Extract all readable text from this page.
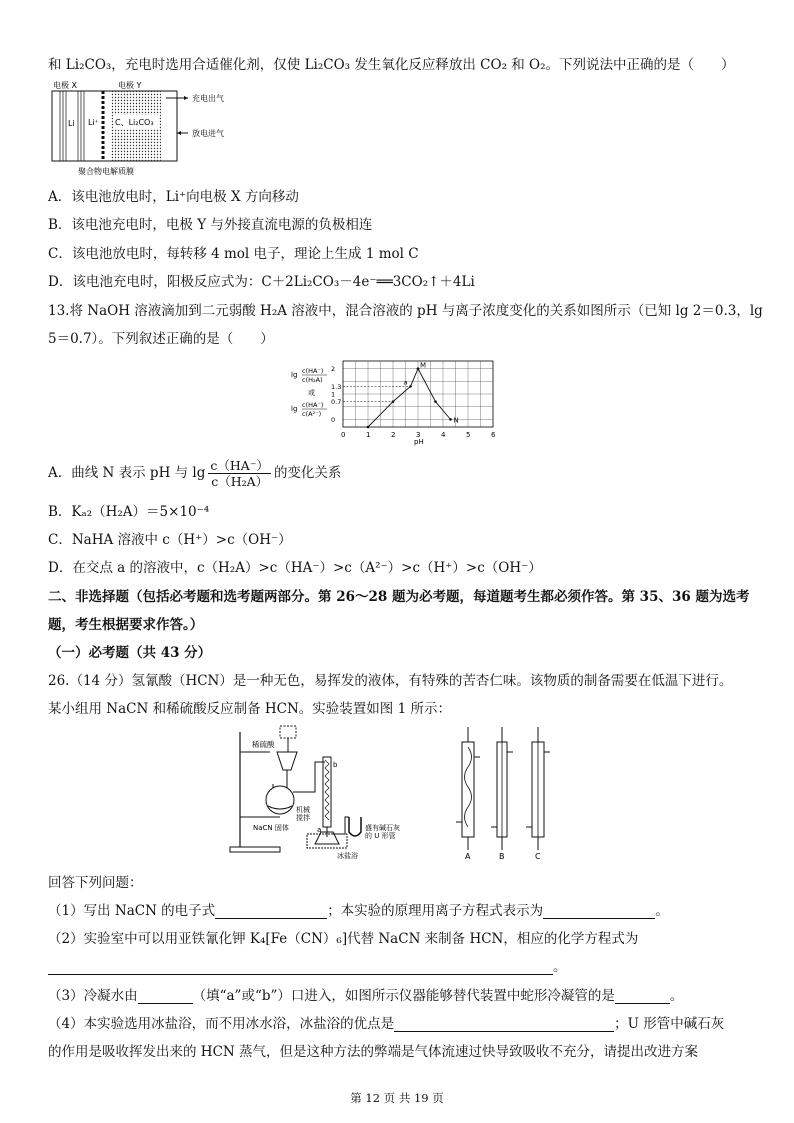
和 Li₂CO₃，充电时选用合适催化剂，仅使 Li₂CO₃ 发生氧化反应释放出 CO₂ 和 O₂。下列说法中正确的是（　　）
电极 X	电极 Y
Li Li⁺ C、Li₂CO₃
充电出气
放电进气
聚合物电解质膜
A．该电池放电时，Li⁺向电极 X 方向移动
B．该电池充电时，电极 Y 与外接直流电源的负极相连
C．该电池放电时，每转移 4 mol 电子，理论上生成 1 mol C
D．该电池充电时，阳极反应式为：C＋2Li₂CO₃－4e⁻══3CO₂↑＋4Li
13.将 NaOH 溶液滴加到二元弱酸 H₂A 溶液中，混合溶液的 pH 与离子浓度变化的关系如图所示（已知 lg 2＝0.3，lg
5＝0.7）。下列叙述正确的是（　　）
lg c(HA⁻)
c(H₂A)
或
lg c(HA⁻)
c(A²⁻)
0	1	2	3	4	5	6
pH
2
1.3
1
0.7
0
M
N
a
A．曲线 N 表示 pH 与 $\lg \frac{c(HA^-)}{\text{c（H₂A）}}$ 的变化关系
B．Kₐ₂（H₂A）＝5×10⁻⁴
C．NaHA 溶液中 c（H⁺）>c（OH⁻）
D．在交点 a 的溶液中，c（H₂A）>c（HA⁻）>c（A²⁻）>c（H⁺）>c（OH⁻）
二、非选择题（包括必考题和选考题两部分。第 26～28 题为必考题，每道题考生都必须作答。第 35、36 题为选考
题，考生根据要求作答。）
（一）必考题（共 43 分）
26.（14 分）氢氰酸（HCN）是一种无色，易挥发的液体，有特殊的苦杏仁味。该物质的制备需要在低温下进行。
某小组用 NaCN 和稀硫酸反应制备 HCN。实验装置如图 1 所示：
稀硫酸
b
a
机械
搅拌
NaCN 固体
冰盐浴
盛有碱石灰
的 U 形管
A	B	C
回答下列问题：
（1）写出 NaCN 的电子式	；本实验的原理用离子方程式表示为	。
（2）实验室中可以用亚铁氰化钾 K₄[Fe（CN）₆]代替 NaCN 来制备 HCN，相应的化学方程式为
。
（3）冷凝水由	（填“a”或“b”）口进入，如图所示仪器能够替代装置中蛇形冷凝管的是	。
（4）本实验选用冰盐浴，而不用冰水浴，冰盐浴的优点是	；U 形管中碱石灰
的作用是吸收挥发出来的 HCN 蒸气，但是这种方法的弊端是气体流速过快导致吸收不充分，请提出改进方案
第 12 页 共 19 页
